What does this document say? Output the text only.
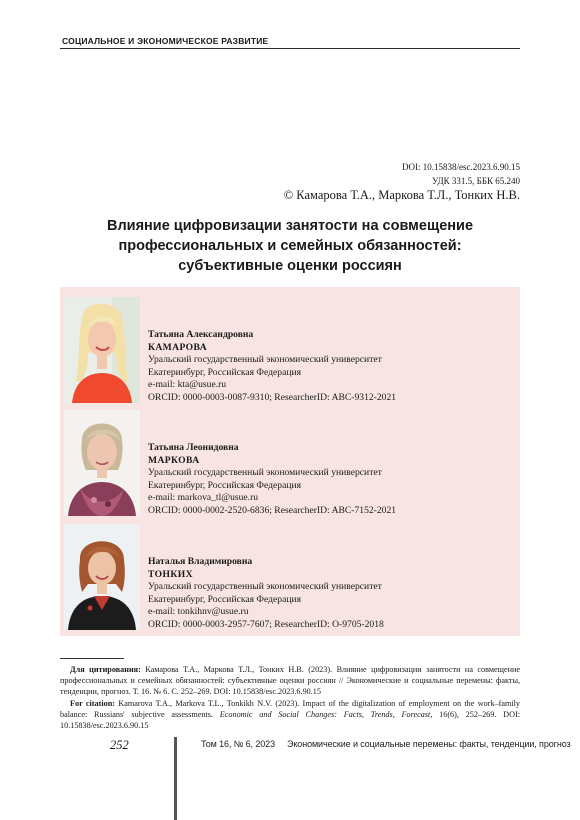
СОЦИАЛЬНОЕ И ЭКОНОМИЧЕСКОЕ РАЗВИТИЕ
DOI: 10.15838/esc.2023.6.90.15
УДК 331.5, ББК 65.240
© Камарова Т.А., Маркова Т.Л., Тонких Н.В.
Влияние цифровизации занятости на совмещение
профессиональных и семейных обязанностей:
субъективные оценки россиян
Татьяна Александровна
КАМАРОВА
Уральский государственный экономический университет
Екатеринбург, Российская Федерация
e-mail: kta@usue.ru
ORCID: 0000-0003-0087-9310; ResearcherID: ABC-9312-2021
Татьяна Леонидовна
МАРКОВА
Уральский государственный экономический университет
Екатеринбург, Российская Федерация
e-mail: markova_tl@usue.ru
ORCID: 0000-0002-2520-6836; ResearcherID: ABC-7152-2021
Наталья Владимировна
ТОНКИХ
Уральский государственный экономический университет
Екатеринбург, Российская Федерация
e-mail: tonkihnv@usue.ru
ORCID: 0000-0003-2957-7607; ResearcherID: O-9705-2018
Для цитирования: Камарова Т.А., Маркова Т.Л., Тонких Н.В. (2023). Влияние цифровизации занятости на совмещение профессиональных и семейных обязанностей: субъективные оценки россиян // Экономические и социальные перемены: факты, тенденции, прогноз. Т. 16. № 6. С. 252–269. DOI: 10.15838/esc.2023.6.90.15
For citation: Kamarova T.A., Markova T.L., Tonkikh N.V. (2023). Impact of the digitalization of employment on the work–family balance: Russians' subjective assessments. Economic and Social Changes: Facts, Trends, Forecast, 16(6), 252–269. DOI: 10.15838/esc.2023.6.90.15
252	Том 16, № 6, 2023 Экономические и социальные перемены: факты, тенденции, прогноз
